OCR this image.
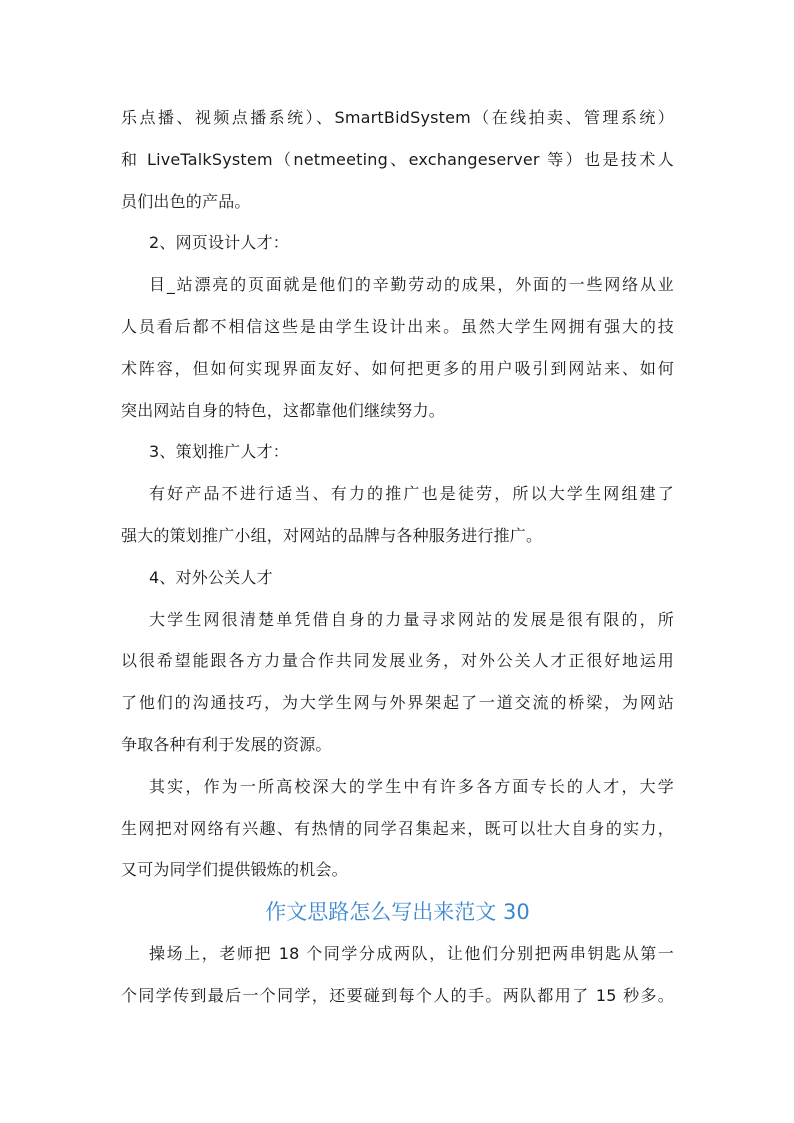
乐点播、视频点播系统）、SmartBidSystem（在线拍卖、管理系统）
和 LiveTalkSystem（netmeeting、exchangeserver 等）也是技术人
员们出色的产品。
2、网页设计人才：
目_站漂亮的页面就是他们的辛勤劳动的成果，外面的一些网络从业
人员看后都不相信这些是由学生设计出来。虽然大学生网拥有强大的技
术阵容，但如何实现界面友好、如何把更多的用户吸引到网站来、如何
突出网站自身的特色，这都靠他们继续努力。
3、策划推广人才：
有好产品不进行适当、有力的推广也是徒劳，所以大学生网组建了
强大的策划推广小组，对网站的品牌与各种服务进行推广。
4、对外公关人才
大学生网很清楚单凭借自身的力量寻求网站的发展是很有限的，所
以很希望能跟各方力量合作共同发展业务，对外公关人才正很好地运用
了他们的沟通技巧，为大学生网与外界架起了一道交流的桥梁，为网站
争取各种有利于发展的资源。
其实，作为一所高校深大的学生中有许多各方面专长的人才，大学
生网把对网络有兴趣、有热情的同学召集起来，既可以壮大自身的实力，
又可为同学们提供锻炼的机会。
作文思路怎么写出来范文 30
操场上，老师把 18 个同学分成两队，让他们分别把两串钥匙从第一
个同学传到最后一个同学，还要碰到每个人的手。两队都用了 15 秒多。
